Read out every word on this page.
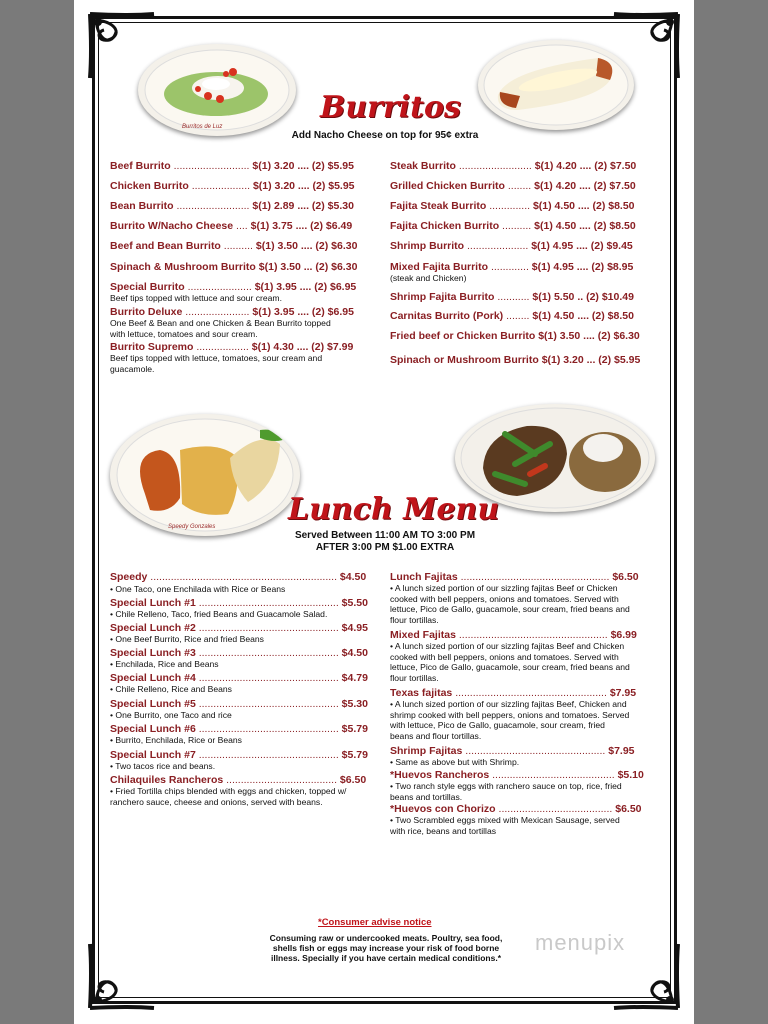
Burritos de Luz
Burritos
Add Nacho Cheese on top for 95¢ extra
Beef Burrito .......................... $(1) 3.20 .... (2) $5.95
Chicken Burrito .................... $(1) 3.20 .... (2) $5.95
Bean Burrito ......................... $(1) 2.89 .... (2) $5.30
Burrito W/Nacho Cheese .... $(1) 3.75 .... (2) $6.49
Beef and Bean Burrito .......... $(1) 3.50 .... (2) $6.30
Spinach & Mushroom Burrito $(1) 3.50 ... (2) $6.30
Special Burrito ...................... $(1) 3.95 .... (2) $6.95
Beef tips topped with lettuce and sour cream.
Burrito Deluxe ...................... $(1) 3.95 .... (2) $6.95
One Beef & Bean and one Chicken & Bean Burrito topped with lettuce, tomatoes and sour cream.
Burrito Supremo .................. $(1) 4.30 .... (2) $7.99
Beef tips topped with lettuce, tomatoes, sour cream and guacamole.
Steak Burrito ......................... $(1) 4.20 .... (2) $7.50
Grilled Chicken Burrito ........ $(1) 4.20 .... (2) $7.50
Fajita Steak Burrito .............. $(1) 4.50 .... (2) $8.50
Fajita Chicken Burrito .......... $(1) 4.50 .... (2) $8.50
Shrimp Burrito ..................... $(1) 4.95 .... (2) $9.45
Mixed Fajita Burrito ............. $(1) 4.95 .... (2) $8.95
(steak and Chicken)
Shrimp Fajita Burrito ........... $(1) 5.50 .. (2) $10.49
Carnitas Burrito (Pork) ........ $(1) 4.50 .... (2) $8.50
Fried beef or Chicken Burrito $(1) 3.50 .... (2) $6.30
Spinach or Mushroom Burrito $(1) 3.20 ... (2) $5.95
Speedy Gonzales Lunch Menu
Served Between 11:00 AM TO 3:00 PM
AFTER 3:00 PM $1.00 EXTRA
Speedy ................................................................ $4.50
• One Taco, one Enchilada with Rice or Beans
Special Lunch #1 ................................................ $5.50
• Chile Relleno, Taco, fried Beans and Guacamole Salad.
Special Lunch #2 ................................................ $4.95
• One Beef Burrito, Rice and fried Beans
Special Lunch #3 ................................................ $4.50
• Enchilada, Rice and Beans
Special Lunch #4 ................................................ $4.79
• Chile Relleno, Rice and Beans
Special Lunch #5 ................................................ $5.30
• One Burrito, one Taco and rice
Special Lunch #6 ................................................ $5.79
• Burrito, Enchilada, Rice or Beans
Special Lunch #7 ................................................ $5.79
• Two tacos rice and beans.
Chilaquiles Rancheros ...................................... $6.50
• Fried Tortilla chips blended with eggs and chicken, topped w/ ranchero sauce, cheese and onions, served with beans.
Lunch Fajitas ................................................... $6.50
• A lunch sized portion of our sizzling fajitas Beef or Chicken cooked with bell peppers, onions and tomatoes. Served with lettuce, Pico de Gallo, guacamole, sour cream, fried beans and flour tortillas.
Mixed Fajitas ................................................... $6.99
• A lunch sized portion of our sizzling fajitas Beef and Chicken cooked with bell peppers, onions and tomatoes. Served with lettuce, Pico de Gallo, guacamole, sour cream, fried beans and flour tortillas.
Texas fajitas .................................................... $7.95
• A lunch sized portion of our sizzling fajitas Beef, Chicken and shrimp cooked with bell peppers, onions and tomatoes. Served with lettuce, Pico de Gallo, guacamole, sour cream, fried beans and flour tortillas.
Shrimp Fajitas ................................................ $7.95
• Same as above but with Shrimp.
*Huevos Rancheros .......................................... $5.10
• Two ranch style eggs with ranchero sauce on top, rice, fried beans and tortillas.
*Huevos con Chorizo ....................................... $6.50
• Two Scrambled eggs mixed with Mexican Sausage, served with rice, beans and tortillas
*Consumer advise notice
Consuming raw or undercooked meats. Poultry, sea food, shells fish or eggs may increase your risk of food borne illness. Specially if you have certain medical conditions.*
menupix
